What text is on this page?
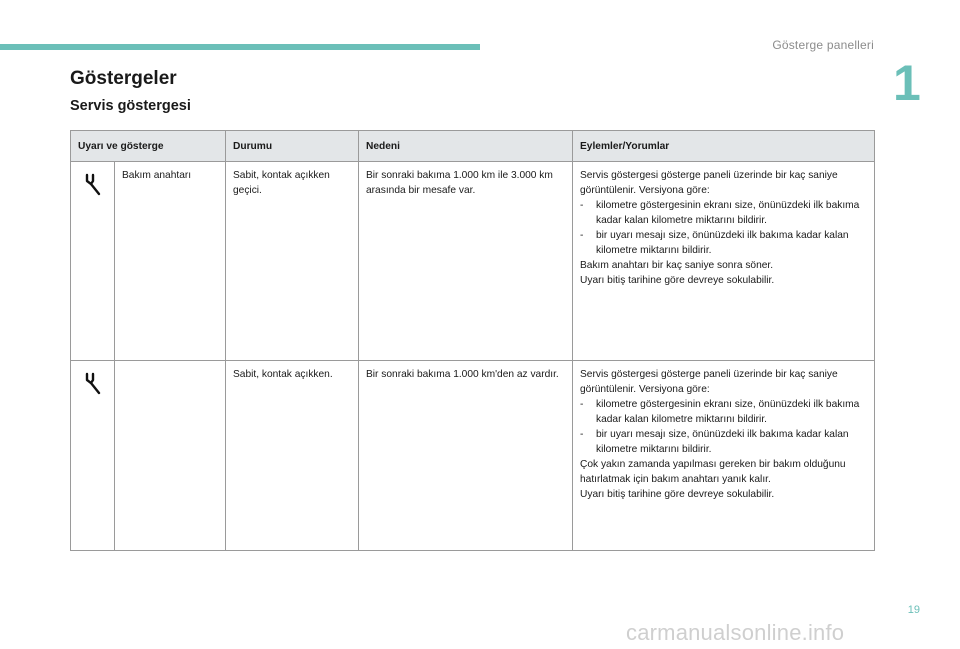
Gösterge panelleri
1
Göstergeler
Servis göstergesi
Uyarı ve gösterge		Durumu	Nedeni	Eylemler/Yorumlar
	Bakım anahtarı	Sabit, kontak açıkken geçici.	Bir sonraki bakıma 1.000 km ile 3.000 km arasında bir mesafe var.	Servis göstergesi gösterge paneli üzerinde bir kaç saniye görüntülenir. Versiyona göre:
- kilometre göstergesinin ekranı size, önünüzdeki ilk bakıma kadar kalan kilometre miktarını bildirir.
- bir uyarı mesajı size, önünüzdeki ilk bakıma kadar kalan kilometre miktarını bildirir.
Bakım anahtarı bir kaç saniye sonra söner.
Uyarı bitiş tarihine göre devreye sokulabilir.

		Sabit, kontak açıkken.	Bir sonraki bakıma 1.000 km'den az vardır.	Servis göstergesi gösterge paneli üzerinde bir kaç saniye görüntülenir. Versiyona göre:
- kilometre göstergesinin ekranı size, önünüzdeki ilk bakıma kadar kalan kilometre miktarını bildirir.
- bir uyarı mesajı size, önünüzdeki ilk bakıma kadar kalan kilometre miktarını bildirir.
Çok yakın zamanda yapılması gereken bir bakım olduğunu hatırlatmak için bakım anahtarı yanık kalır.
Uyarı bitiş tarihine göre devreye sokulabilir.
19
carmanualsonline.info
